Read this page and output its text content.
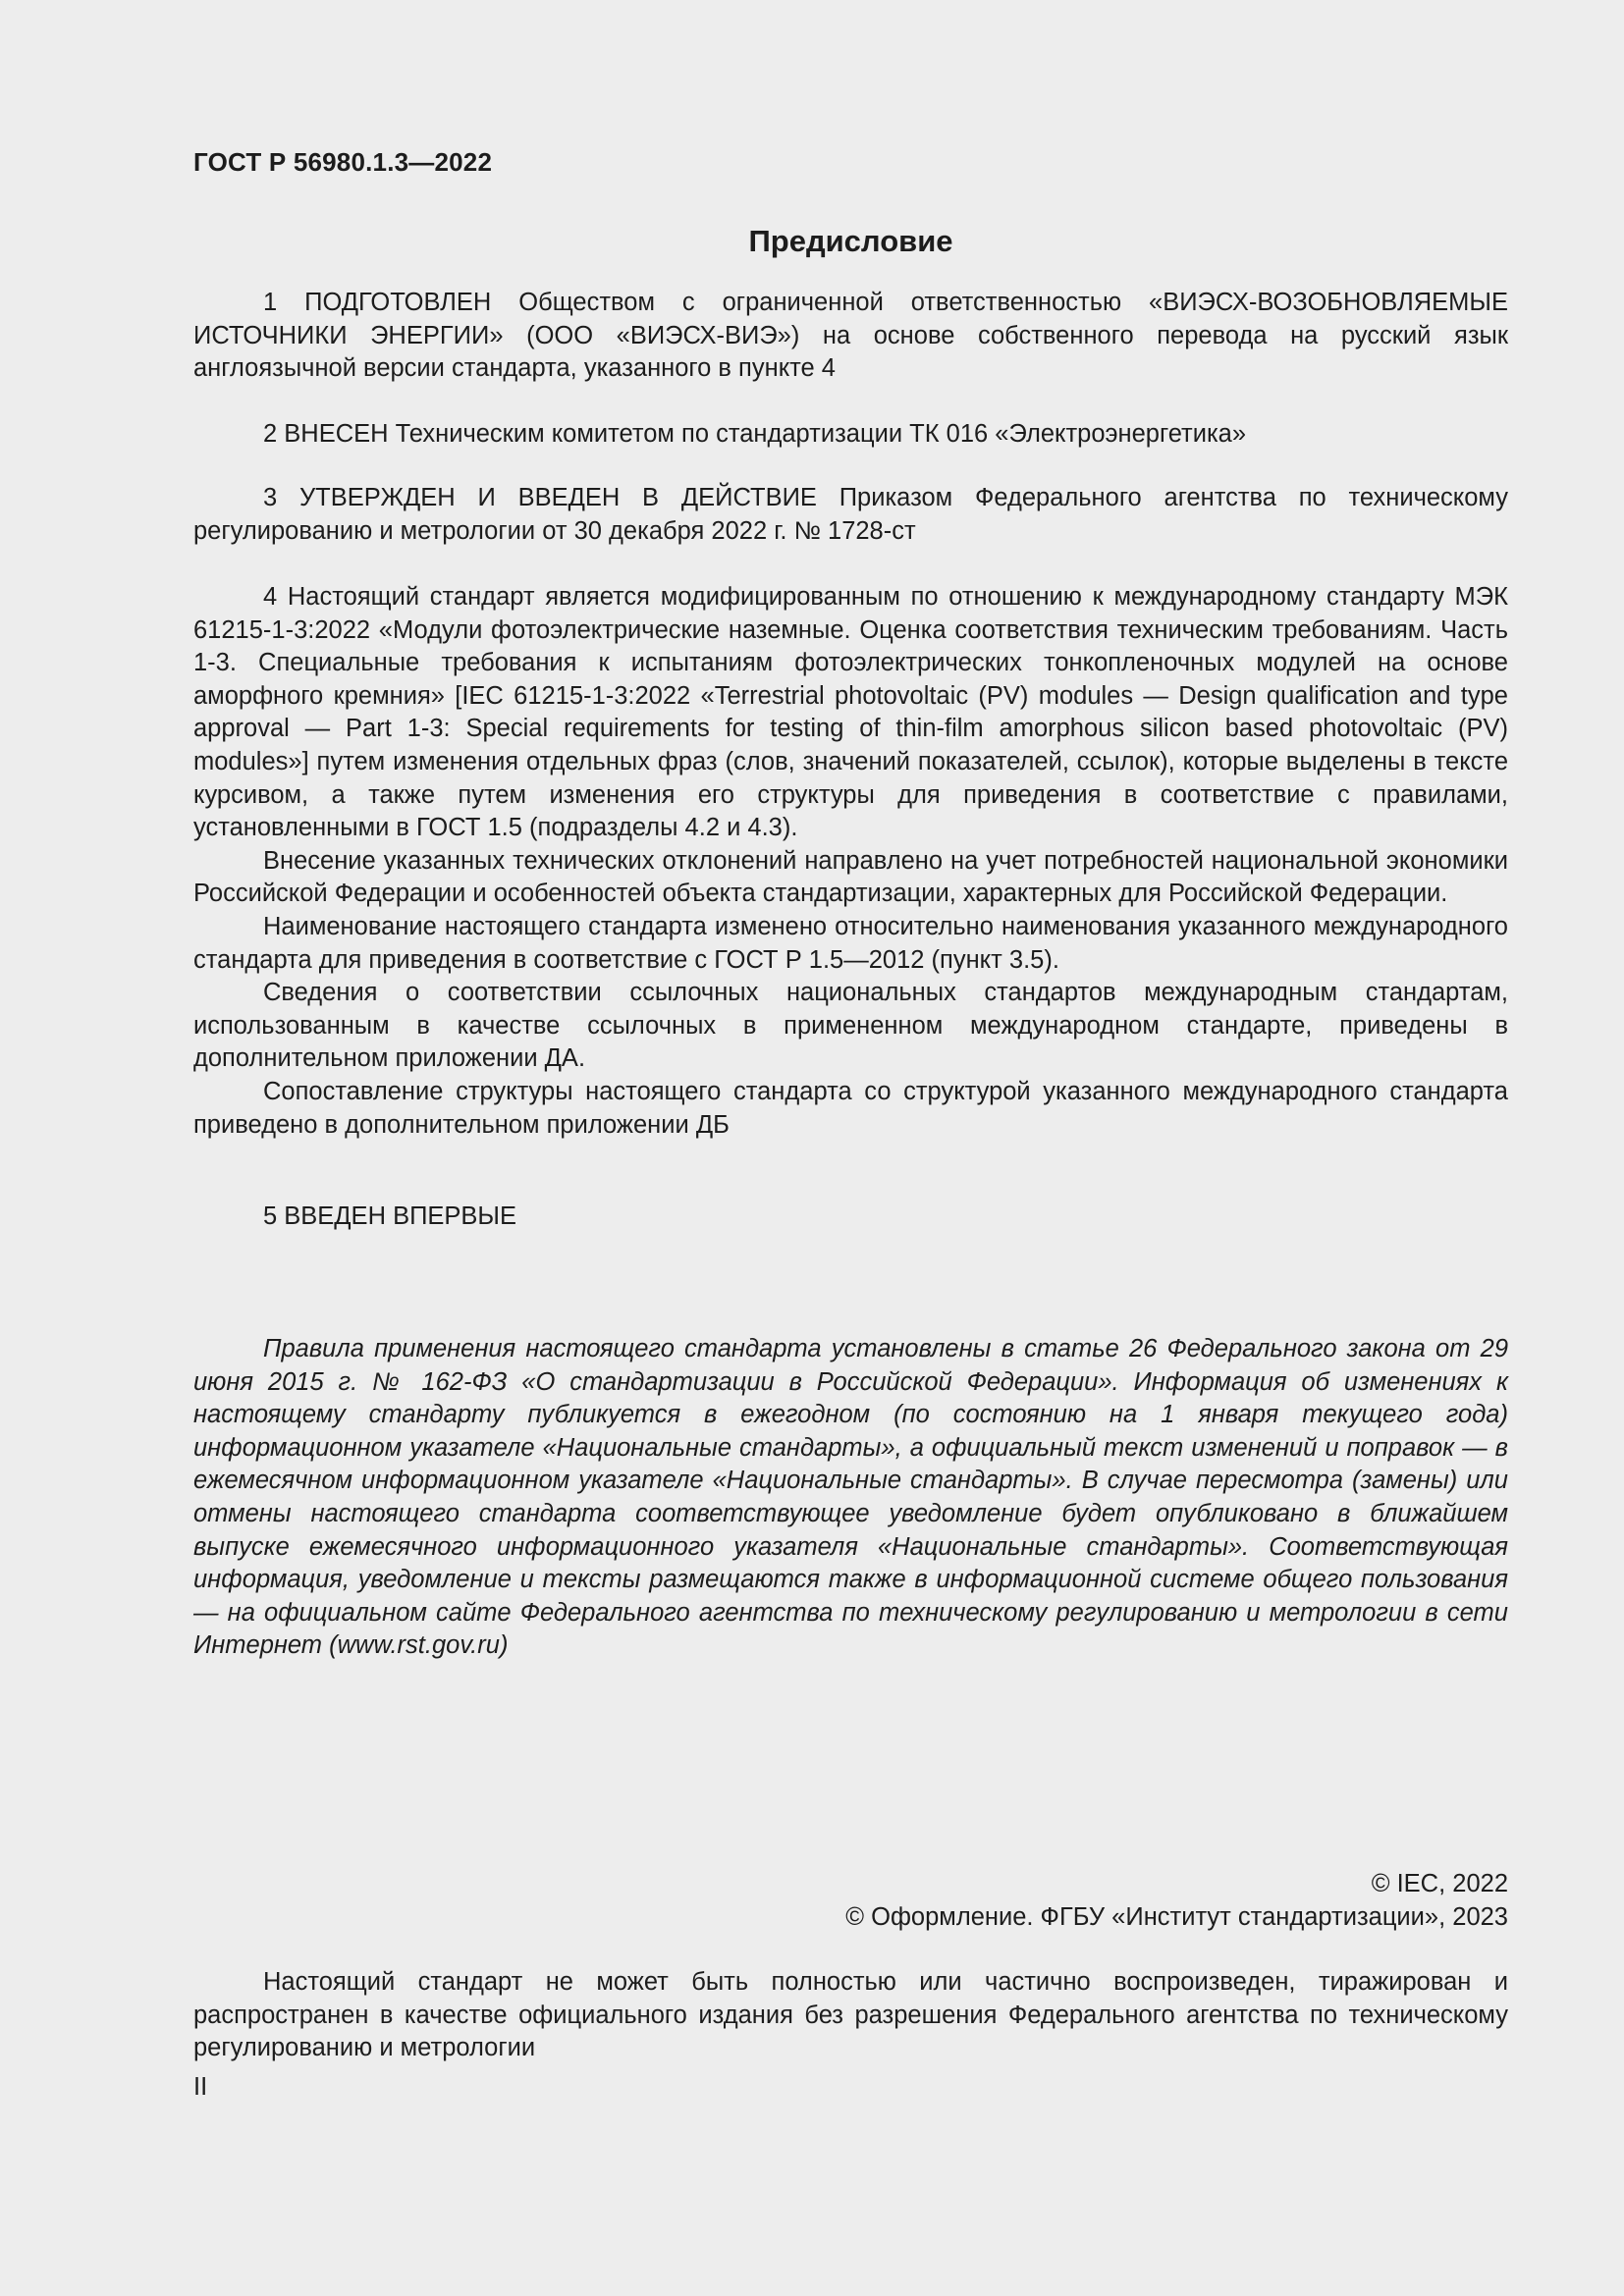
ГОСТ Р 56980.1.3—2022
Предисловие

1 ПОДГОТОВЛЕН Обществом с ограниченной ответственностью «ВИЭСХ-ВОЗОБНОВЛЯЕМЫЕ ИСТОЧНИКИ ЭНЕРГИИ» (ООО «ВИЭСХ-ВИЭ») на основе собственного перевода на русский язык англоязычной версии стандарта, указанного в пункте 4

2 ВНЕСЕН Техническим комитетом по стандартизации ТК 016 «Электроэнергетика»

3 УТВЕРЖДЕН И ВВЕДЕН В ДЕЙСТВИЕ Приказом Федерального агентства по техническому регулированию и метрологии от 30 декабря 2022 г. № 1728-ст

4 Настоящий стандарт является модифицированным по отношению к международному стандарту МЭК 61215-1-3:2022 «Модули фотоэлектрические наземные. Оценка соответствия техническим требованиям. Часть 1-3. Специальные требования к испытаниям фотоэлектрических тонкопленочных модулей на основе аморфного кремния» [IEC 61215-1-3:2022 «Terrestrial photovoltaic (PV) modules — Design qualification and type approval — Part 1-3: Special requirements for testing of thin-film amorphous silicon based photovoltaic (PV) modules»] путем изменения отдельных фраз (слов, значений показателей, ссылок), которые выделены в тексте курсивом, а также путем изменения его структуры для приведения в соответствие с правилами, установленными в ГОСТ 1.5 (подразделы 4.2 и 4.3).

Внесение указанных технических отклонений направлено на учет потребностей национальной экономики Российской Федерации и особенностей объекта стандартизации, характерных для Российской Федерации.

Наименование настоящего стандарта изменено относительно наименования указанного международного стандарта для приведения в соответствие с ГОСТ Р 1.5—2012 (пункт 3.5).

Сведения о соответствии ссылочных национальных стандартов международным стандартам, использованным в качестве ссылочных в примененном международном стандарте, приведены в дополнительном приложении ДА.

Сопоставление структуры настоящего стандарта со структурой указанного международного стандарта приведено в дополнительном приложении ДБ

5 ВВЕДЕН ВПЕРВЫЕ

Правила применения настоящего стандарта установлены в статье 26 Федерального закона от 29 июня 2015 г. № 162-ФЗ «О стандартизации в Российской Федерации». Информация об изменениях к настоящему стандарту публикуется в ежегодном (по состоянию на 1 января текущего года) информационном указателе «Национальные стандарты», а официальный текст изменений и поправок — в ежемесячном информационном указателе «Национальные стандарты». В случае пересмотра (замены) или отмены настоящего стандарта соответствующее уведомление будет опубликовано в ближайшем выпуске ежемесячного информационного указателя «Национальные стандарты». Соответствующая информация, уведомление и тексты размещаются также в информационной системе общего пользования — на официальном сайте Федерального агентства по техническому регулированию и метрологии в сети Интернет (www.rst.gov.ru)

© IEC, 2022
© Оформление. ФГБУ «Институт стандартизации», 2023

Настоящий стандарт не может быть полностью или частично воспроизведен, тиражирован и распространен в качестве официального издания без разрешения Федерального агентства по техническому регулированию и метрологии

II
